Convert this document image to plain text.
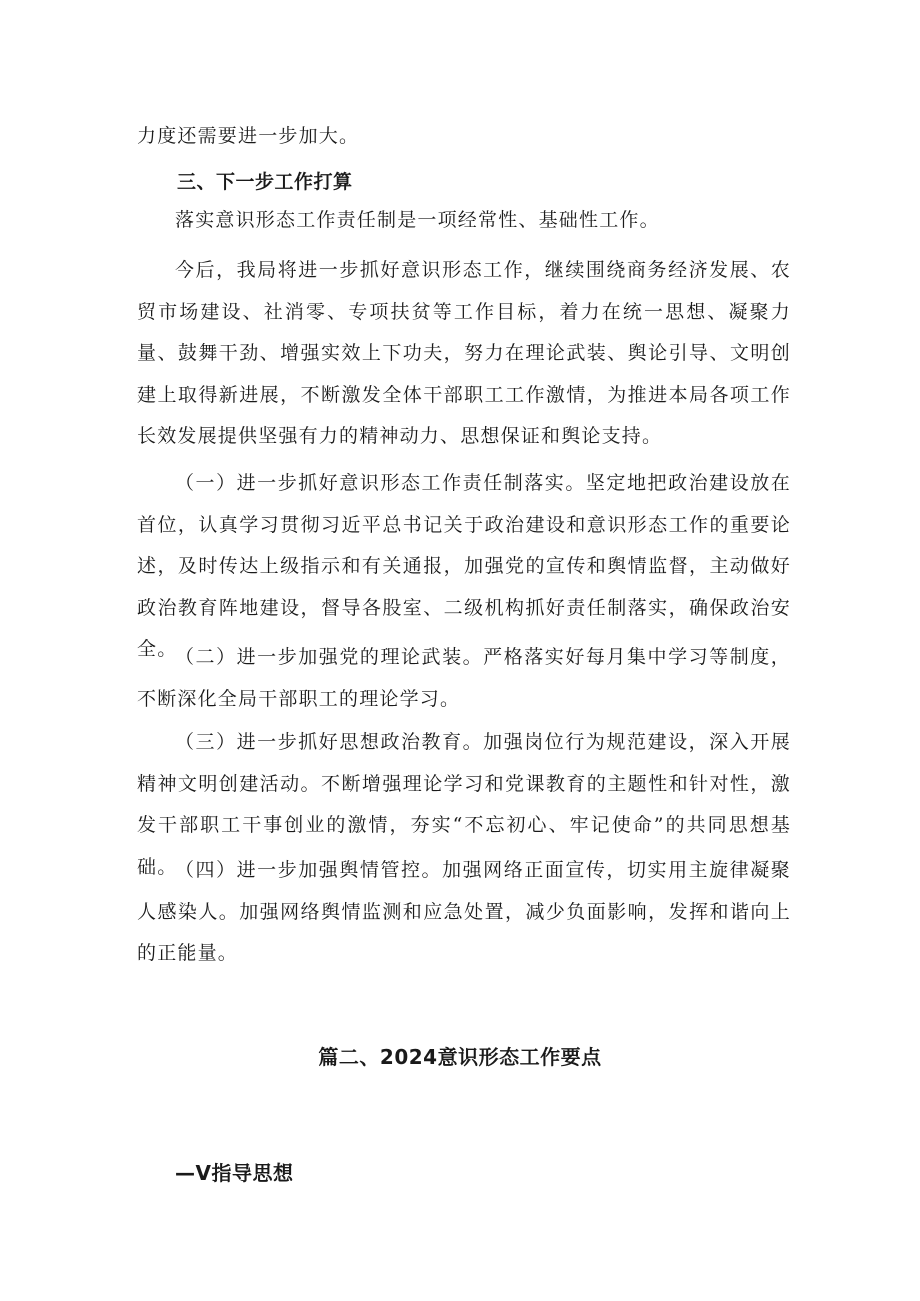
力度还需要进一步加大。

三、下一步工作打算

落实意识形态工作责任制是一项经常性、基础性工作。

今后，我局将进一步抓好意识形态工作，继续围绕商务经济发展、农贸市场建设、社消零、专项扶贫等工作目标，着力在统一思想、凝聚力量、鼓舞干劲、增强实效上下功夫，努力在理论武装、舆论引导、文明创建上取得新进展，不断激发全体干部职工工作激情，为推进本局各项工作长效发展提供坚强有力的精神动力、思想保证和舆论支持。

（一）进一步抓好意识形态工作责任制落实。坚定地把政治建设放在首位，认真学习贯彻习近平总书记关于政治建设和意识形态工作的重要论述，及时传达上级指示和有关通报，加强党的宣传和舆情监督，主动做好政治教育阵地建设，督导各股室、二级机构抓好责任制落实，确保政治安全。

（二）进一步加强党的理论武装。严格落实好每月集中学习等制度，不断深化全局干部职工的理论学习。

（三）进一步抓好思想政治教育。加强岗位行为规范建设，深入开展精神文明创建活动。不断增强理论学习和党课教育的主题性和针对性，激发干部职工干事创业的激情，夯实“不忘初心、牢记使命”的共同思想基础。

（四）进一步加强舆情管控。加强网络正面宣传，切实用主旋律凝聚人感染人。加强网络舆情监测和应急处置，减少负面影响，发挥和谐向上的正能量。

篇二、2024意识形态工作要点

—V指导思想
